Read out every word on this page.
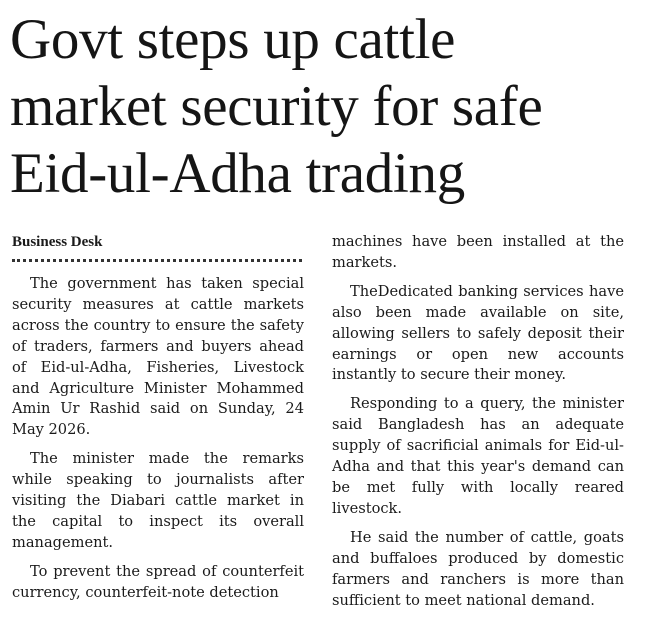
Govt steps up cattle
market security for safe
Eid-ul-Adha trading

Business Desk

The government has taken special security measures at cattle markets across the country to ensure the safety of traders, farmers and buyers ahead of Eid-ul-Adha, Fisheries, Livestock and Agriculture Minister Mohammed Amin Ur Rashid said on Sunday, 24 May 2026.

The minister made the remarks while speaking to journalists after visiting the Diabari cattle market in the capital to inspect its overall management.

To prevent the spread of counterfeit currency, counterfeit-note detection

machines have been installed at the markets.

TheDedicated banking services have also been made available on site, allowing sellers to safely deposit their earnings or open new accounts instantly to secure their money.

Responding to a query, the minister said Bangladesh has an adequate supply of sacrificial animals for Eid-ul-Adha and that this year's demand can be met fully with locally reared livestock.

He said the number of cattle, goats and buffaloes produced by domestic farmers and ranchers is more than sufficient to meet national demand.
